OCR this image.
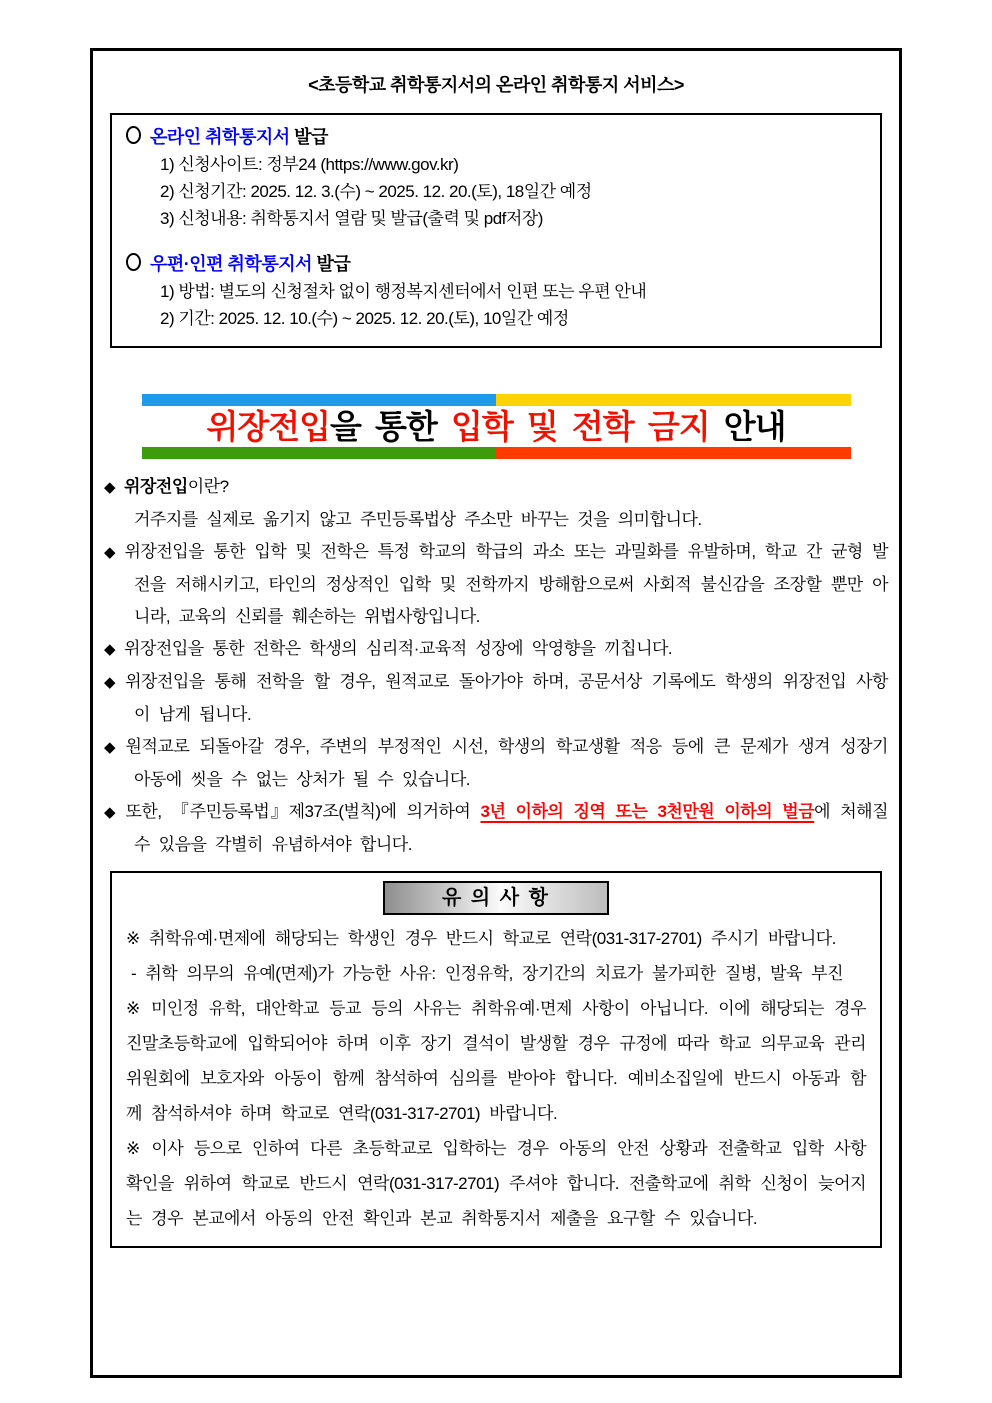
<초등학교 취학통지서의 온라인 취학통지 서비스>
온라인 취학통지서 발급
1) 신청사이트: 정부24 (https://www.gov.kr)
2) 신청기간: 2025. 12. 3.(수) ~ 2025. 12. 20.(토), 18일간 예정
3) 신청내용: 취학통지서 열람 및 발급(출력 및 pdf저장)
우편·인편 취학통지서 발급
1) 방법: 별도의 신청절차 없이 행정복지센터에서 인편 또는 우편 안내
2) 기간: 2025. 12. 10.(수) ~ 2025. 12. 20.(토), 10일간 예정
위장전입을 통한 입학 및 전학 금지 안내
◆ 위장전입이란?
거주지를 실제로 옮기지 않고 주민등록법상 주소만 바꾸는 것을 의미합니다.
◆ 위장전입을 통한 입학 및 전학은 특정 학교의 학급의 과소 또는 과밀화를 유발하며, 학교 간 균형 발전을 저해시키고, 타인의 정상적인 입학 및 전학까지 방해함으로써 사회적 불신감을 조장할 뿐만 아니라, 교육의 신뢰를 훼손하는 위법사항입니다.
◆ 위장전입을 통한 전학은 학생의 심리적·교육적 성장에 악영향을 끼칩니다.
◆ 위장전입을 통해 전학을 할 경우, 원적교로 돌아가야 하며, 공문서상 기록에도 학생의 위장전입 사항이 남게 됩니다.
◆ 원적교로 되돌아갈 경우, 주변의 부정적인 시선, 학생의 학교생활 적응 등에 큰 문제가 생겨 성장기 아동에 씻을 수 없는 상처가 될 수 있습니다.
◆ 또한, 『주민등록법』제37조(벌칙)에 의거하여 3년 이하의 징역 또는 3천만원 이하의 벌금에 처해질 수 있음을 각별히 유념하셔야 합니다.
유 의 사 항

※ 취학유예·면제에 해당되는 학생인 경우 반드시 학교로 연락(031-317-2701) 주시기 바랍니다.

- 취학 의무의 유예(면제)가 가능한 사유: 인정유학, 장기간의 치료가 불가피한 질병, 발육 부진

※ 미인정 유학, 대안학교 등교 등의 사유는 취학유예·면제 사항이 아닙니다. 이에 해당되는 경우 진말초등학교에 입학되어야 하며 이후 장기 결석이 발생할 경우 규정에 따라 학교 의무교육 관리위원회에 보호자와 아동이 함께 참석하여 심의를 받아야 합니다. 예비소집일에 반드시 아동과 함께 참석하셔야 하며 학교로 연락(031-317-2701) 바랍니다.

※ 이사 등으로 인하여 다른 초등학교로 입학하는 경우 아동의 안전 상황과 전출학교 입학 사항 확인을 위하여 학교로 반드시 연락(031-317-2701) 주셔야 합니다. 전출학교에 취학 신청이 늦어지는 경우 본교에서 아동의 안전 확인과 본교 취학통지서 제출을 요구할 수 있습니다.
